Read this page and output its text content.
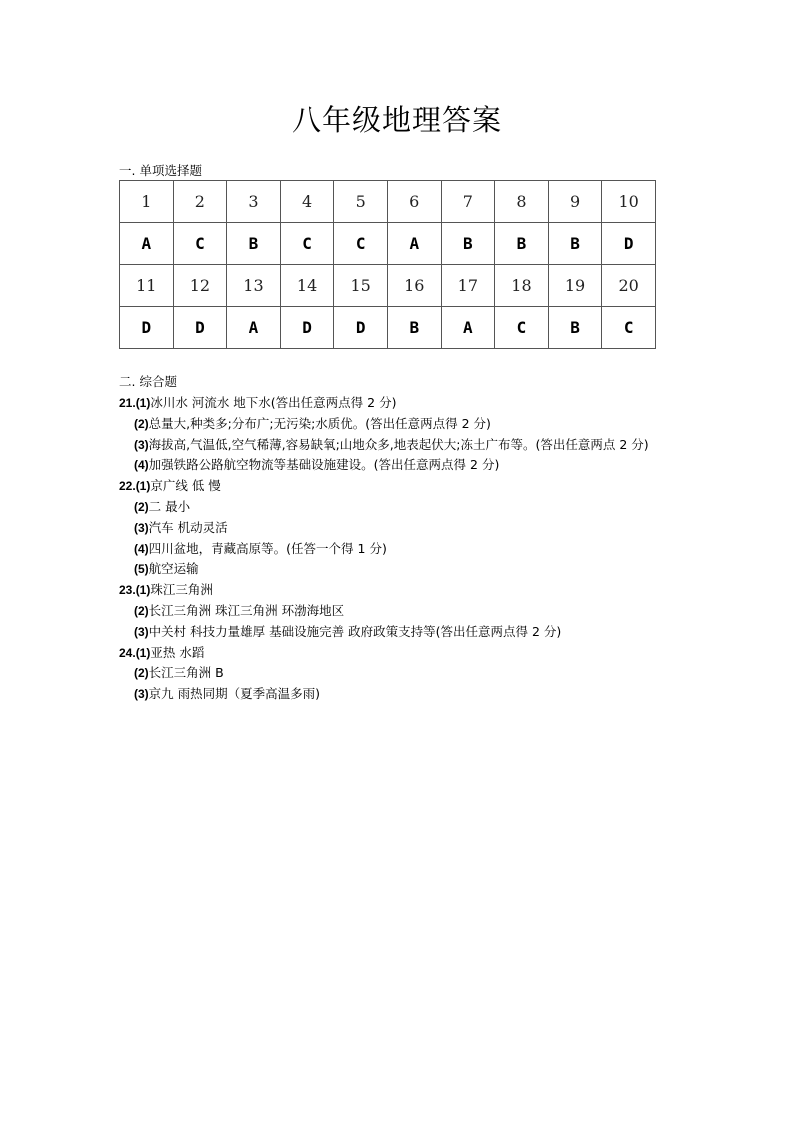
八年级地理答案
一. 单项选择题
1	2	3	4	5	6	7	8	9	10
A	C	B	C	C	A	B	B	B	D
11	12	13	14	15	16	17	18	19	20
D	D	A	D	D	B	A	C	B	C
二. 综合题
21.(1)冰川水 河流水 地下水(答出任意两点得 2 分)
(2)总量大,种类多;分布广;无污染;水质优。(答出任意两点得 2 分)
(3)海拔高,气温低,空气稀薄,容易缺氧;山地众多,地表起伏大;冻土广布等。(答出任意两点 2 分)
(4)加强铁路公路航空物流等基础设施建设。(答出任意两点得 2 分)
22.(1)京广线 低 慢
(2)二 最小
(3)汽车 机动灵活
(4)四川盆地，青藏高原等。(任答一个得 1 分)
(5)航空运输
23.(1)珠江三角洲
(2)长江三角洲 珠江三角洲 环渤海地区
(3)中关村 科技力量雄厚 基础设施完善 政府政策支持等(答出任意两点得 2 分)
24.(1)亚热 水蹈
(2)长江三角洲 B
(3)京九 雨热同期（夏季高温多雨)
